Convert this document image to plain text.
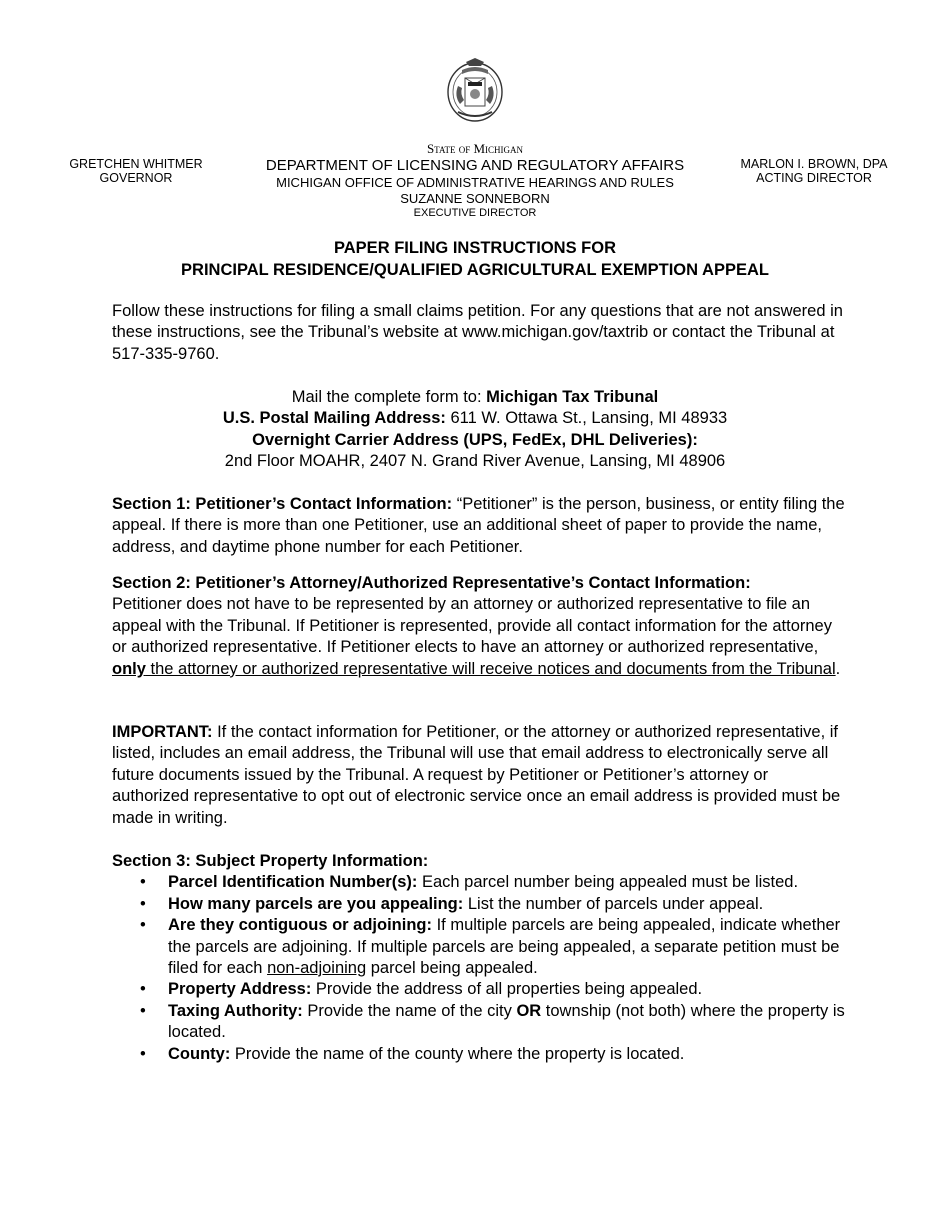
GRETCHEN WHITMER
GOVERNOR
State of Michigan
DEPARTMENT OF LICENSING AND REGULATORY AFFAIRS
MICHIGAN OFFICE OF ADMINISTRATIVE HEARINGS AND RULES
SUZANNE SONNEBORN
EXECUTIVE DIRECTOR
MARLON I. BROWN, DPA
ACTING DIRECTOR
PAPER FILING INSTRUCTIONS FOR
PRINCIPAL RESIDENCE/QUALIFIED AGRICULTURAL EXEMPTION APPEAL

Follow these instructions for filing a small claims petition. For any questions that are not answered in these instructions, see the Tribunal’s website at www.michigan.gov/taxtrib or contact the Tribunal at 517-335-9760.

Mail the complete form to: Michigan Tax Tribunal
U.S. Postal Mailing Address: 611 W. Ottawa St., Lansing, MI 48933
Overnight Carrier Address (UPS, FedEx, DHL Deliveries):
2nd Floor MOAHR, 2407 N. Grand River Avenue, Lansing, MI 48906

Section 1: Petitioner’s Contact Information: “Petitioner” is the person, business, or entity filing the appeal. If there is more than one Petitioner, use an additional sheet of paper to provide the name, address, and daytime phone number for each Petitioner.

Section 2: Petitioner’s Attorney/Authorized Representative’s Contact Information:

Petitioner does not have to be represented by an attorney or authorized representative to file an appeal with the Tribunal. If Petitioner is represented, provide all contact information for the attorney or authorized representative. If Petitioner elects to have an attorney or authorized representative, only the attorney or authorized representative will receive notices and documents from the Tribunal.

IMPORTANT: If the contact information for Petitioner, or the attorney or authorized representative, if listed, includes an email address, the Tribunal will use that email address to electronically serve all future documents issued by the Tribunal. A request by Petitioner or Petitioner’s attorney or authorized representative to opt out of electronic service once an email address is provided must be made in writing.

Section 3: Subject Property Information:
• Parcel Identification Number(s): Each parcel number being appealed must be listed.
• How many parcels are you appealing: List the number of parcels under appeal.
• Are they contiguous or adjoining: If multiple parcels are being appealed, indicate whether the parcels are adjoining. If multiple parcels are being appealed, a separate petition must be filed for each non-adjoining parcel being appealed.
• Property Address: Provide the address of all properties being appealed.
• Taxing Authority: Provide the name of the city OR township (not both) where the property is located.
• County: Provide the name of the county where the property is located.
